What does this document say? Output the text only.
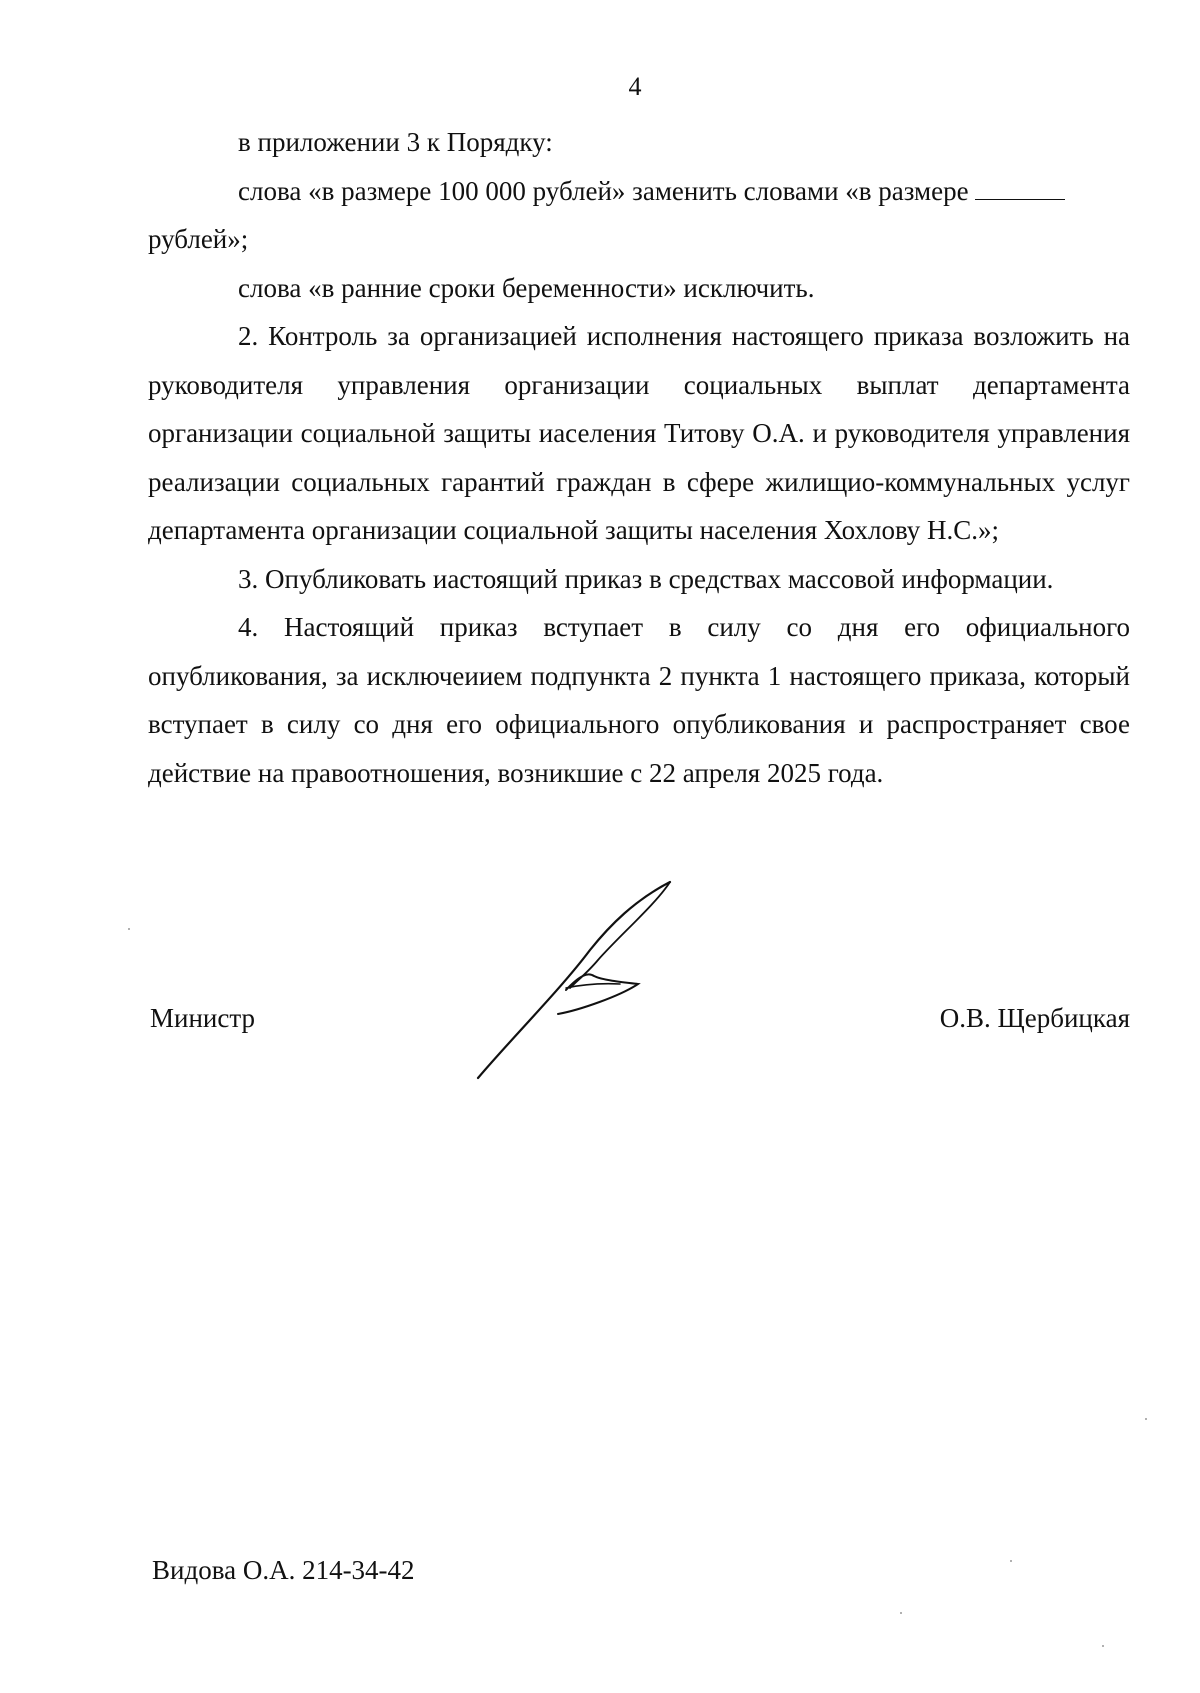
4

в приложении 3 к Порядку:

слова «в размере 100 000 рублей» заменить словами «в размере

рублей»;

слова «в ранние сроки беременности» исключить.

2. Контроль за организацией исполнения настоящего приказа возложить на руководителя управления организации социальных выплат департамента организации социальной защиты иаселения Титову О.А. и руководителя управления реализации социальных гарантий граждан в сфере жилищио-коммунальных услуг департамента организации социальной защиты населения Хохлову Н.С.»;

3. Опубликовать иастоящий приказ в средствах массовой информации.

4. Настоящий приказ вступает в силу со дня его официального опубликования, за исключеиием подпункта 2 пункта 1 настоящего приказа, который вступает в силу со дня его официального опубликования и распространяет свое действие на правоотношения, возникшие с 22 апреля 2025 года.

Министр	О.В. Щербицкая
Видова О.А. 214-34-42
